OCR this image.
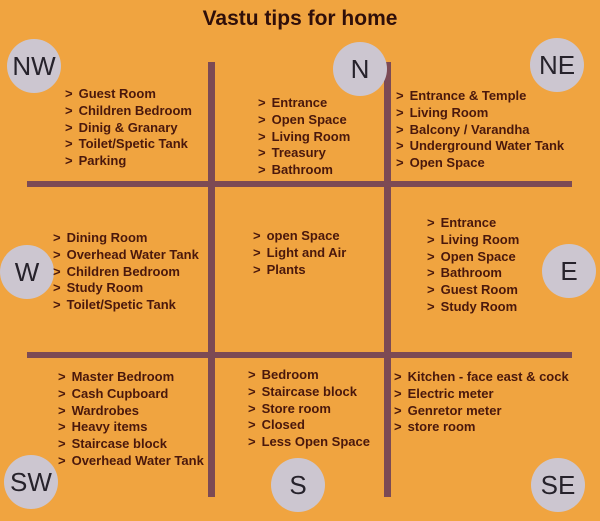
Vastu tips for home
NW	N	NE
W	E
SW	S	SE
> Guest Room
> Children Bedroom
> Dinig & Granary
> Toilet/Spetic Tank
> Parking
> Entrance
> Open Space
> Living Room
> Treasury
> Bathroom
> Entrance & Temple
> Living Room
> Balcony / Varandha
> Underground Water Tank
> Open Space
> Dining Room
> Overhead Water Tank
> Children Bedroom
> Study Room
> Toilet/Spetic Tank
> open Space
> Light and Air
> Plants
> Entrance
> Living Room
> Open Space
> Bathroom
> Guest Room
> Study Room
> Master Bedroom
> Cash Cupboard
> Wardrobes
> Heavy items
> Staircase block
> Overhead Water Tank
> Bedroom
> Staircase block
> Store room
> Closed
> Less Open Space
> Kitchen - face east & cock
> Electric meter
> Genretor meter
> store room
